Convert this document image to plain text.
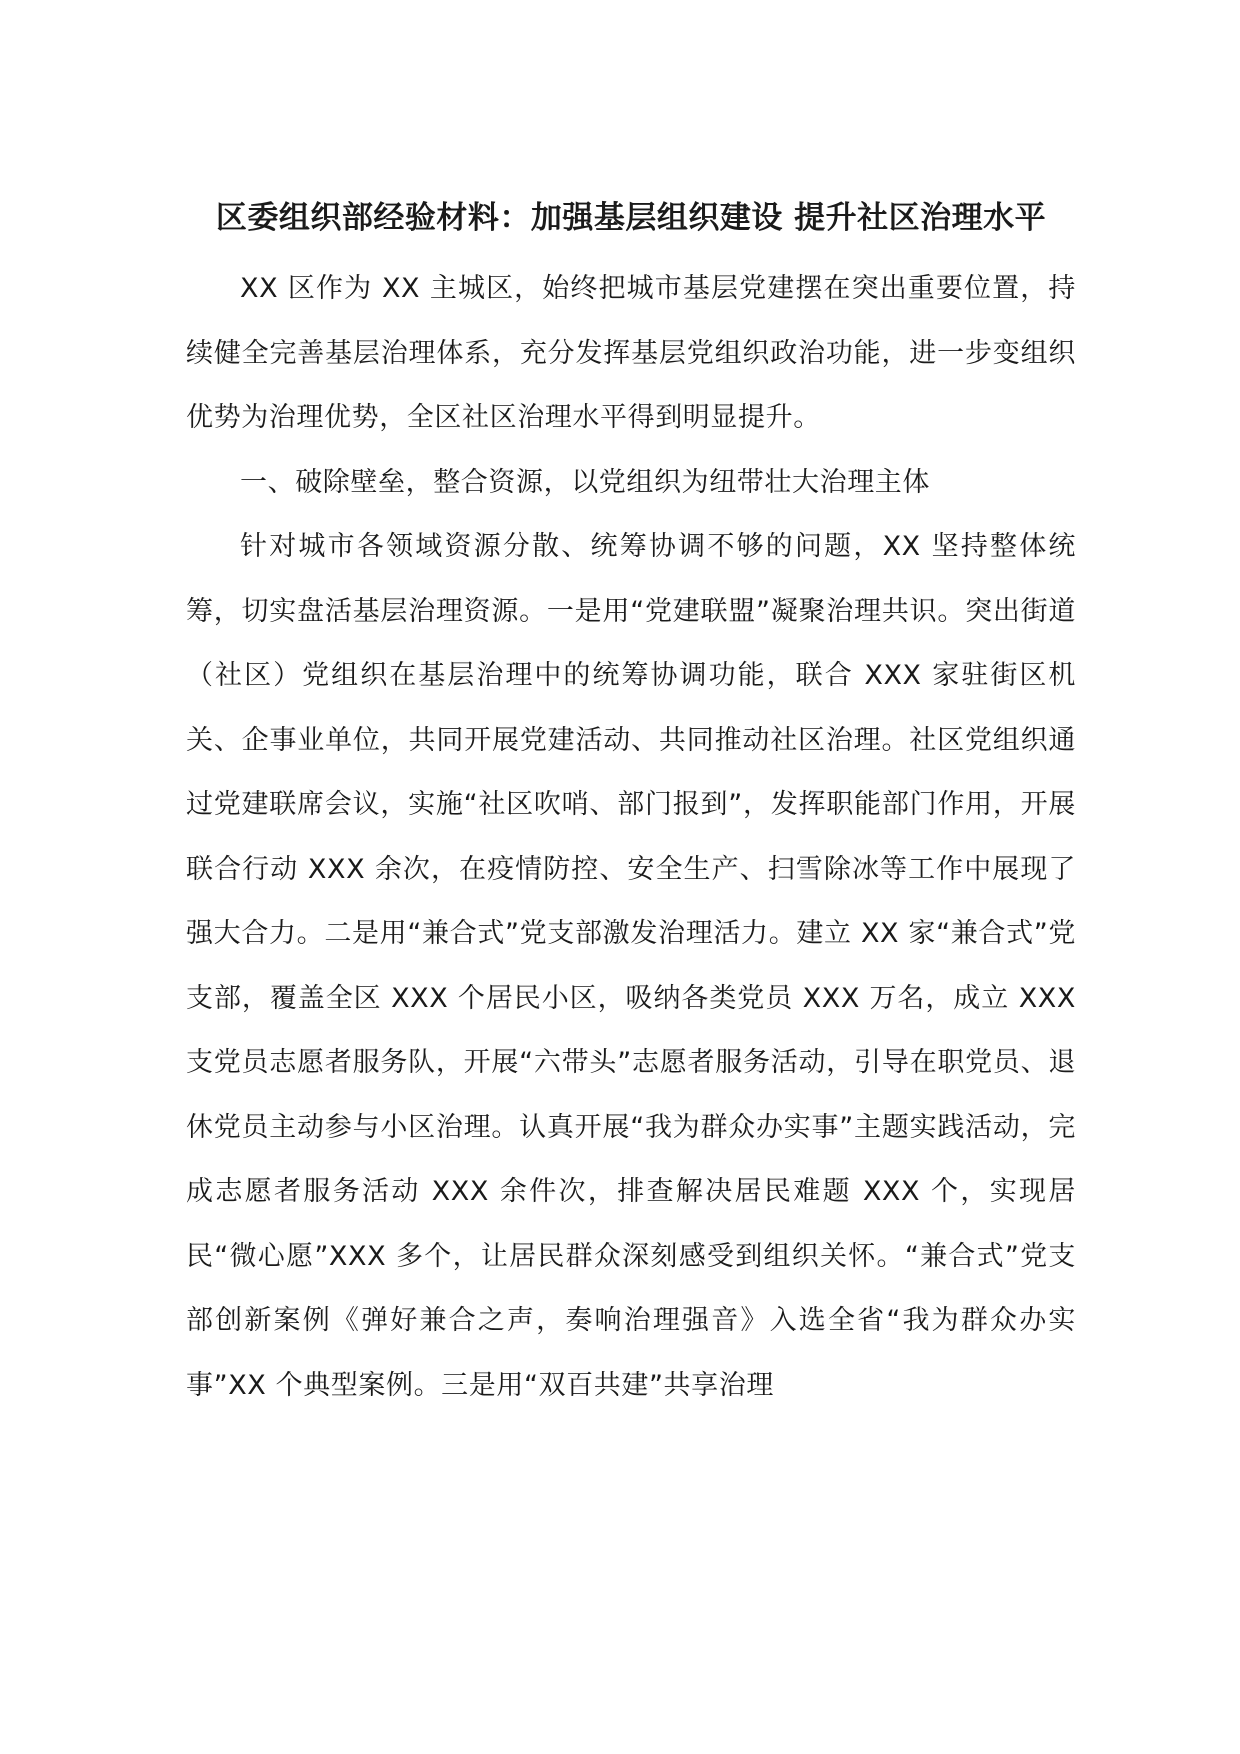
区委组织部经验材料：加强基层组织建设 提升社区治理水平

XX 区作为 XX 主城区，始终把城市基层党建摆在突出重要位置，持续健全完善基层治理体系，充分发挥基层党组织政治功能，进一步变组织优势为治理优势，全区社区治理水平得到明显提升。

一、破除壁垒，整合资源，以党组织为纽带壮大治理主体

针对城市各领域资源分散、统筹协调不够的问题，XX 坚持整体统筹，切实盘活基层治理资源。一是用“党建联盟”凝聚治理共识。突出街道（社区）党组织在基层治理中的统筹协调功能，联合 XXX 家驻街区机关、企事业单位，共同开展党建活动、共同推动社区治理。社区党组织通过党建联席会议，实施“社区吹哨、部门报到”，发挥职能部门作用，开展联合行动 XXX 余次，在疫情防控、安全生产、扫雪除冰等工作中展现了强大合力。二是用“兼合式”党支部激发治理活力。建立 XX 家“兼合式”党支部，覆盖全区 XXX 个居民小区，吸纳各类党员 XXX 万名，成立 XXX 支党员志愿者服务队，开展“六带头”志愿者服务活动，引导在职党员、退休党员主动参与小区治理。认真开展“我为群众办实事”主题实践活动，完成志愿者服务活动 XXX 余件次，排查解决居民难题 XXX 个，实现居民“微心愿”XXX 多个，让居民群众深刻感受到组织关怀。“兼合式”党支部创新案例《弹好兼合之声，奏响治理强音》入选全省“我为群众办实事”XX 个典型案例。三是用“双百共建”共享治理
